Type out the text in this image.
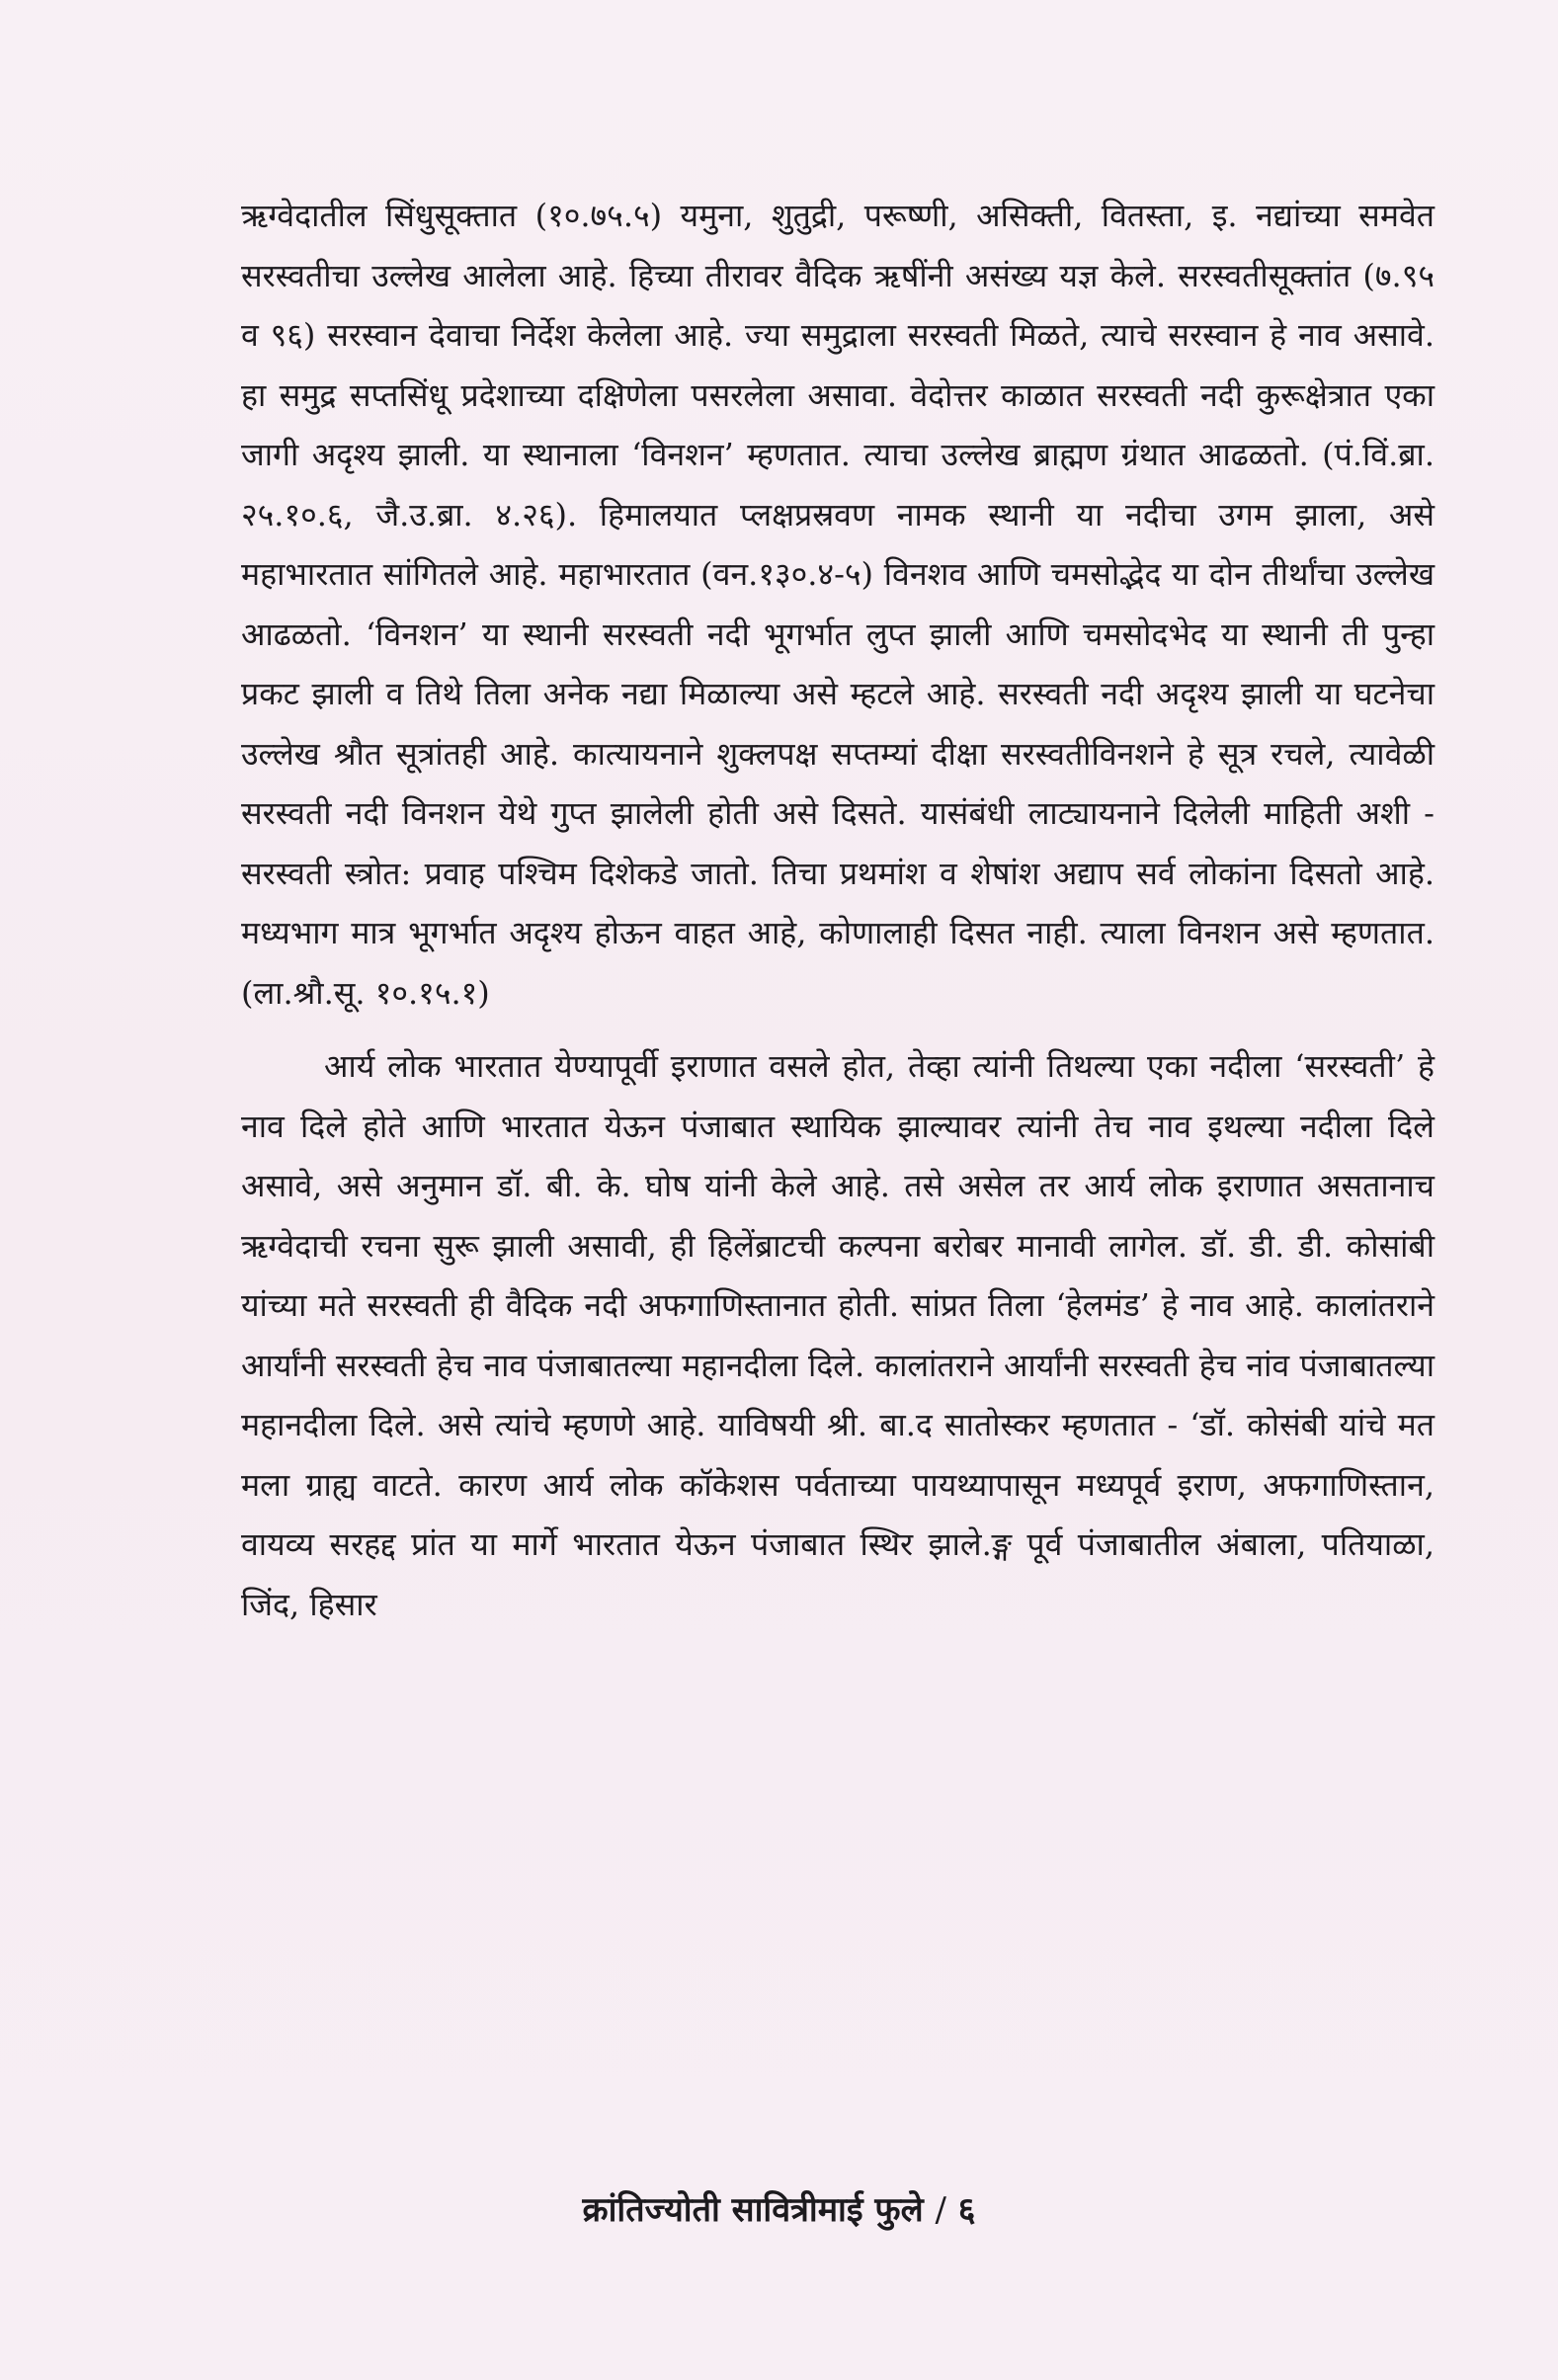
ऋग्वेदातील सिंधुसूक्तात (१०.७५.५) यमुना, शुतुद्री, परूष्णी, असिक्ती, वितस्ता, इ. नद्यांच्या समवेत सरस्वतीचा उल्लेख आलेला आहे. हिच्या तीरावर वैदिक ऋषींनी असंख्य यज्ञ केले. सरस्वतीसूक्तांत (७.९५ व ९६) सरस्वान देवाचा निर्देश केलेला आहे. ज्या समुद्राला सरस्वती मिळते, त्याचे सरस्वान हे नाव असावे. हा समुद्र सप्तसिंधू प्रदेशाच्या दक्षिणेला पसरलेला असावा. वेदोत्तर काळात सरस्वती नदी कुरूक्षेत्रात एका जागी अदृश्य झाली. या स्थानाला ‘विनशन’ म्हणतात. त्याचा उल्लेख ब्राह्मण ग्रंथात आढळतो. (पं.विं.ब्रा. २५.१०.६, जै.उ.ब्रा. ४.२६). हिमालयात प्लक्षप्रस्रवण नामक स्थानी या नदीचा उगम झाला, असे महाभारतात सांगितले आहे. महाभारतात (वन.१३०.४-५) विनशव आणि चमसोद्भेद या दोन तीर्थांचा उल्लेख आढळतो. ‘विनशन’ या स्थानी सरस्वती नदी भूगर्भात लुप्त झाली आणि चमसोदभेद या स्थानी ती पुन्हा प्रकट झाली व तिथे तिला अनेक नद्या मिळाल्या असे म्हटले आहे. सरस्वती नदी अदृश्य झाली या घटनेचा उल्लेख श्रौत सूत्रांतही आहे. कात्यायनाने शुक्लपक्ष सप्तम्यां दीक्षा सरस्वतीविनशने हे सूत्र रचले, त्यावेळी सरस्वती नदी विनशन येथे गुप्त झालेली होती असे दिसते. यासंबंधी लाट्यायनाने दिलेली माहिती अशी - सरस्वती स्त्रोत: प्रवाह पश्चिम दिशेकडे जातो. तिचा प्रथमांश व शेषांश अद्याप सर्व लोकांना दिसतो आहे. मध्यभाग मात्र भूगर्भात अदृश्य होऊन वाहत आहे, कोणालाही दिसत नाही. त्याला विनशन असे म्हणतात. (ला.श्रौ.सू. १०.१५.१)

आर्य लोक भारतात येण्यापूर्वी इराणात वसले होत, तेव्हा त्यांनी तिथल्या एका नदीला ‘सरस्वती’ हे नाव दिले होते आणि भारतात येऊन पंजाबात स्थायिक झाल्यावर त्यांनी तेच नाव इथल्या नदीला दिले असावे, असे अनुमान डॉ. बी. के. घोष यांनी केले आहे. तसे असेल तर आर्य लोक इराणात असतानाच ऋग्वेदाची रचना सुरू झाली असावी, ही हिलेंब्राटची कल्पना बरोबर मानावी लागेल. डॉ. डी. डी. कोसांबी यांच्या मते सरस्वती ही वैदिक नदी अफगाणिस्तानात होती. सांप्रत तिला ‘हेलमंड’ हे नाव आहे. कालांतराने आर्यांनी सरस्वती हेच नाव पंजाबातल्या महानदीला दिले. कालांतराने आर्यांनी सरस्वती हेच नांव पंजाबातल्या महानदीला दिले. असे त्यांचे म्हणणे आहे. याविषयी श्री. बा.द सातोस्कर म्हणतात - ‘डॉ. कोसंबी यांचे मत मला ग्राह्य वाटते. कारण आर्य लोक कॉकेशस पर्वताच्या पायथ्यापासून मध्यपूर्व इराण, अफगाणिस्तान, वायव्य सरहद्द प्रांत या मार्गे भारतात येऊन पंजाबात स्थिर झाले.ङ्ग पूर्व पंजाबातील अंबाला, पतियाळा, जिंद, हिसार

क्रांतिज्योती सावित्रीमाई फुले / ६
